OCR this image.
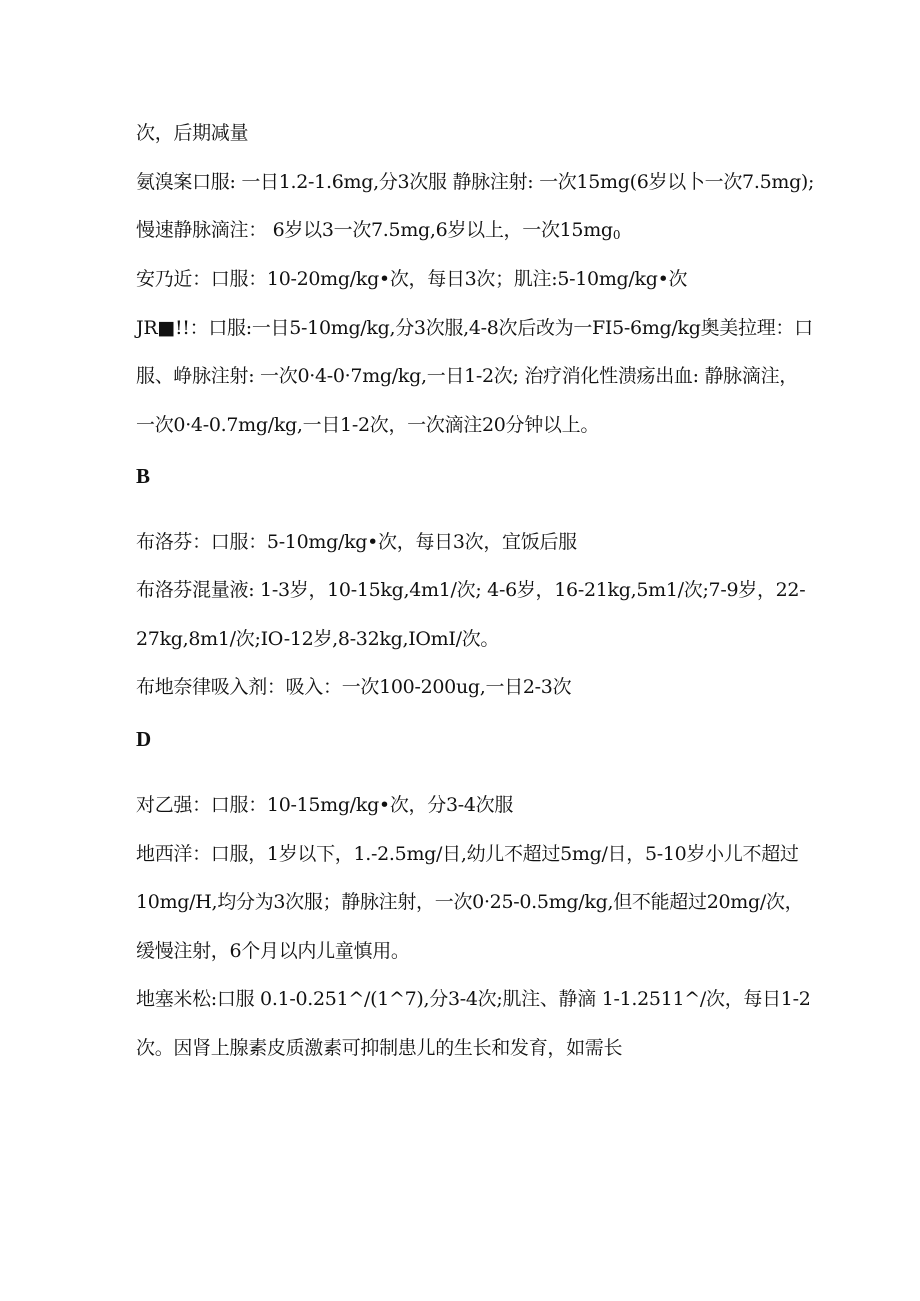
次，后期减量
氨溴案口服: 一日1.2-1.6mg,分3次服 静脉注射: 一次15mg(6岁以卜一次7.5mg);
慢速静脉滴注： 6岁以3一次7.5mg,6岁以上，一次$15mg_0$
安乃近：口服：10-20mg/kg•次，每日3次；肌注:5-10mg/kg•次
JR■!!：口服:一日5-10mg/kg,分3次服,4-8次后改为一FI5-6mg/kg奥美拉理：口
服、峥脉注射: 一次0·4-0·7mg/kg,一日1-2次; 治疗消化性溃疡出血: 静脉滴注，
一次0·4-0.7mg/kg,一日1-2次，一次滴注20分钟以上。
B
布洛芬：口服：5-10mg/kg•次，每日3次，宜饭后服
布洛芬混量液: 1-3岁，10-15kg,4m1∕次; 4-6岁，16-21kg,5m1∕次;7-9岁，22-
27kg,8m1∕次;IO-12岁,8-32kg,IOmI/次。
布地奈律吸入剂：吸入：一次100-200ug,一日2-3次
D
对乙强：口服：10-15mg/kg•次，分3-4次服
地西洋：口服，1岁以下，1.-2.5mg/日,幼儿不超过5mg/日，5-10岁小儿不超过
10mg/H,均分为3次服；静脉注射，一次0·25-0.5mg/kg,但不能超过20mg/次，
缓慢注射，6个月以内儿童慎用。
地塞米松:口服 0.1-0.251^/(1^7),分3-4次;肌注、静滴 1-1.2511^/次，每日1-2
次。因肾上腺素皮质激素可抑制患儿的生长和发育，如需长
